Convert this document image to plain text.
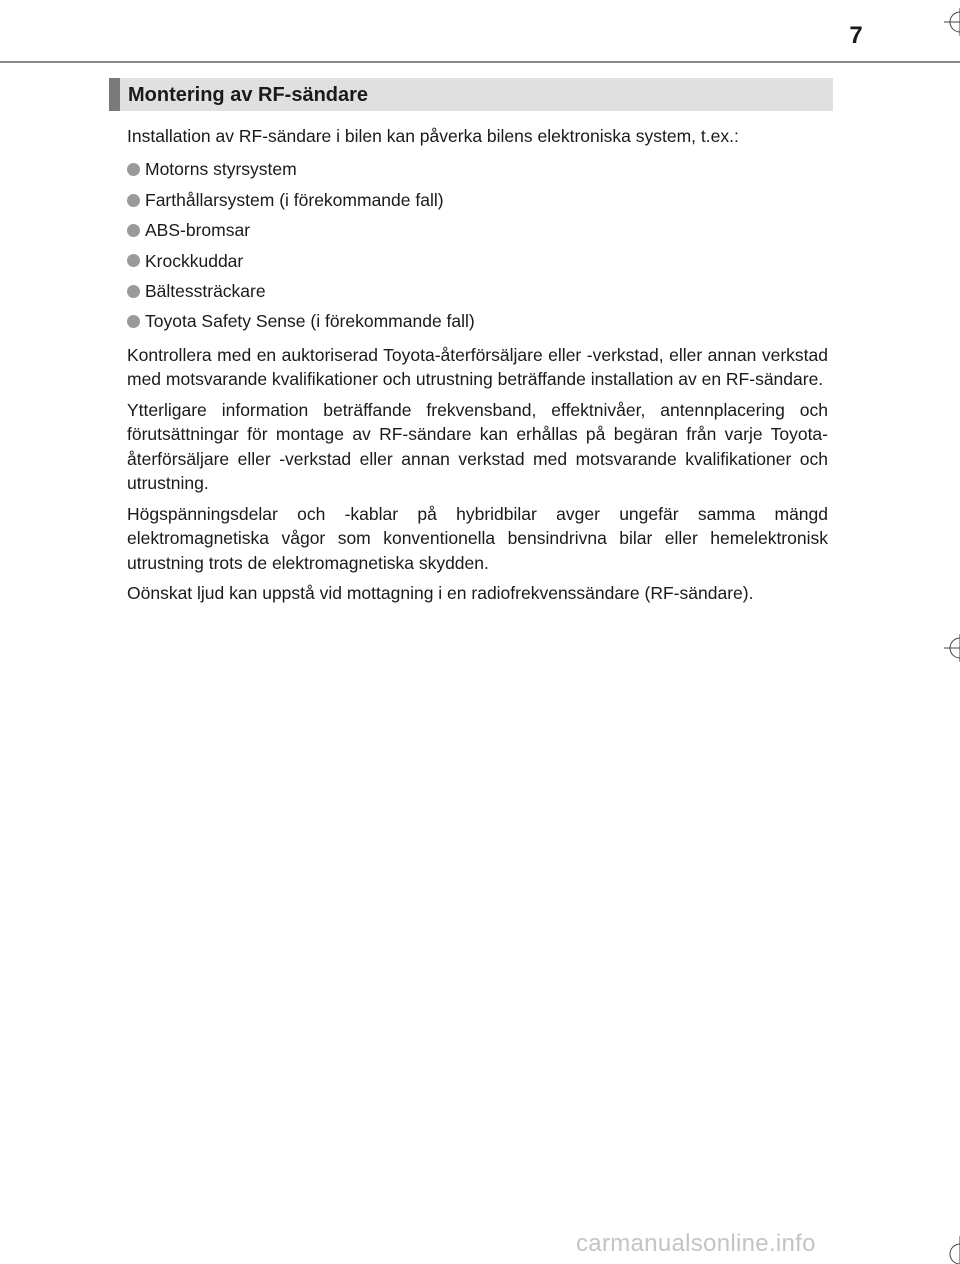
7
Montering av RF-sändare

Installation av RF-sändare i bilen kan påverka bilens elektroniska system, t.ex.:

Motorns styrsystem
Farthållarsystem (i förekommande fall)
ABS-bromsar
Krockkuddar
Bältessträckare
Toyota Safety Sense (i förekommande fall)

Kontrollera med en auktoriserad Toyota-återförsäljare eller -verkstad, eller annan verkstad med motsvarande kvalifikationer och utrustning beträffande installation av en RF-sändare.

Ytterligare information beträffande frekvensband, effektnivåer, antennplacering och förutsättningar för montage av RF-sändare kan erhållas på begäran från varje Toyota-återförsäljare eller -verkstad eller annan verkstad med motsvarande kvalifikationer och utrustning.

Högspänningsdelar och -kablar på hybridbilar avger ungefär samma mängd elektromagnetiska vågor som konventionella bensindrivna bilar eller hemelektronisk utrustning trots de elektromagnetiska skydden.

Oönskat ljud kan uppstå vid mottagning i en radiofrekvenssändare (RF-sändare).

carmanualsonline.info
